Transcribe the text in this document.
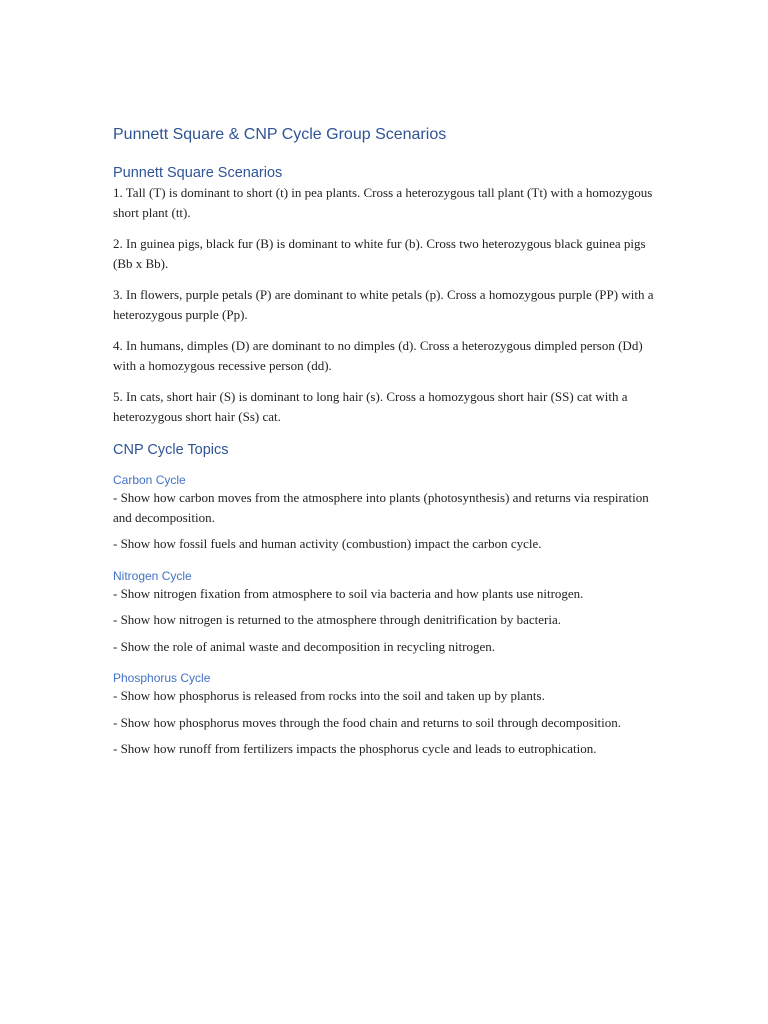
Punnett Square & CNP Cycle Group Scenarios
Punnett Square Scenarios

1. Tall (T) is dominant to short (t) in pea plants. Cross a heterozygous tall plant (Tt) with a homozygous short plant (tt).

2. In guinea pigs, black fur (B) is dominant to white fur (b). Cross two heterozygous black guinea pigs (Bb x Bb).

3. In flowers, purple petals (P) are dominant to white petals (p). Cross a homozygous purple (PP) with a heterozygous purple (Pp).

4. In humans, dimples (D) are dominant to no dimples (d). Cross a heterozygous dimpled person (Dd) with a homozygous recessive person (dd).

5. In cats, short hair (S) is dominant to long hair (s). Cross a homozygous short hair (SS) cat with a heterozygous short hair (Ss) cat.

CNP Cycle Topics
Carbon Cycle

- Show how carbon moves from the atmosphere into plants (photosynthesis) and returns via respiration and decomposition.

- Show how fossil fuels and human activity (combustion) impact the carbon cycle.

Nitrogen Cycle

- Show nitrogen fixation from atmosphere to soil via bacteria and how plants use nitrogen.

- Show how nitrogen is returned to the atmosphere through denitrification by bacteria.

- Show the role of animal waste and decomposition in recycling nitrogen.

Phosphorus Cycle

- Show how phosphorus is released from rocks into the soil and taken up by plants.

- Show how phosphorus moves through the food chain and returns to soil through decomposition.

- Show how runoff from fertilizers impacts the phosphorus cycle and leads to eutrophication.
